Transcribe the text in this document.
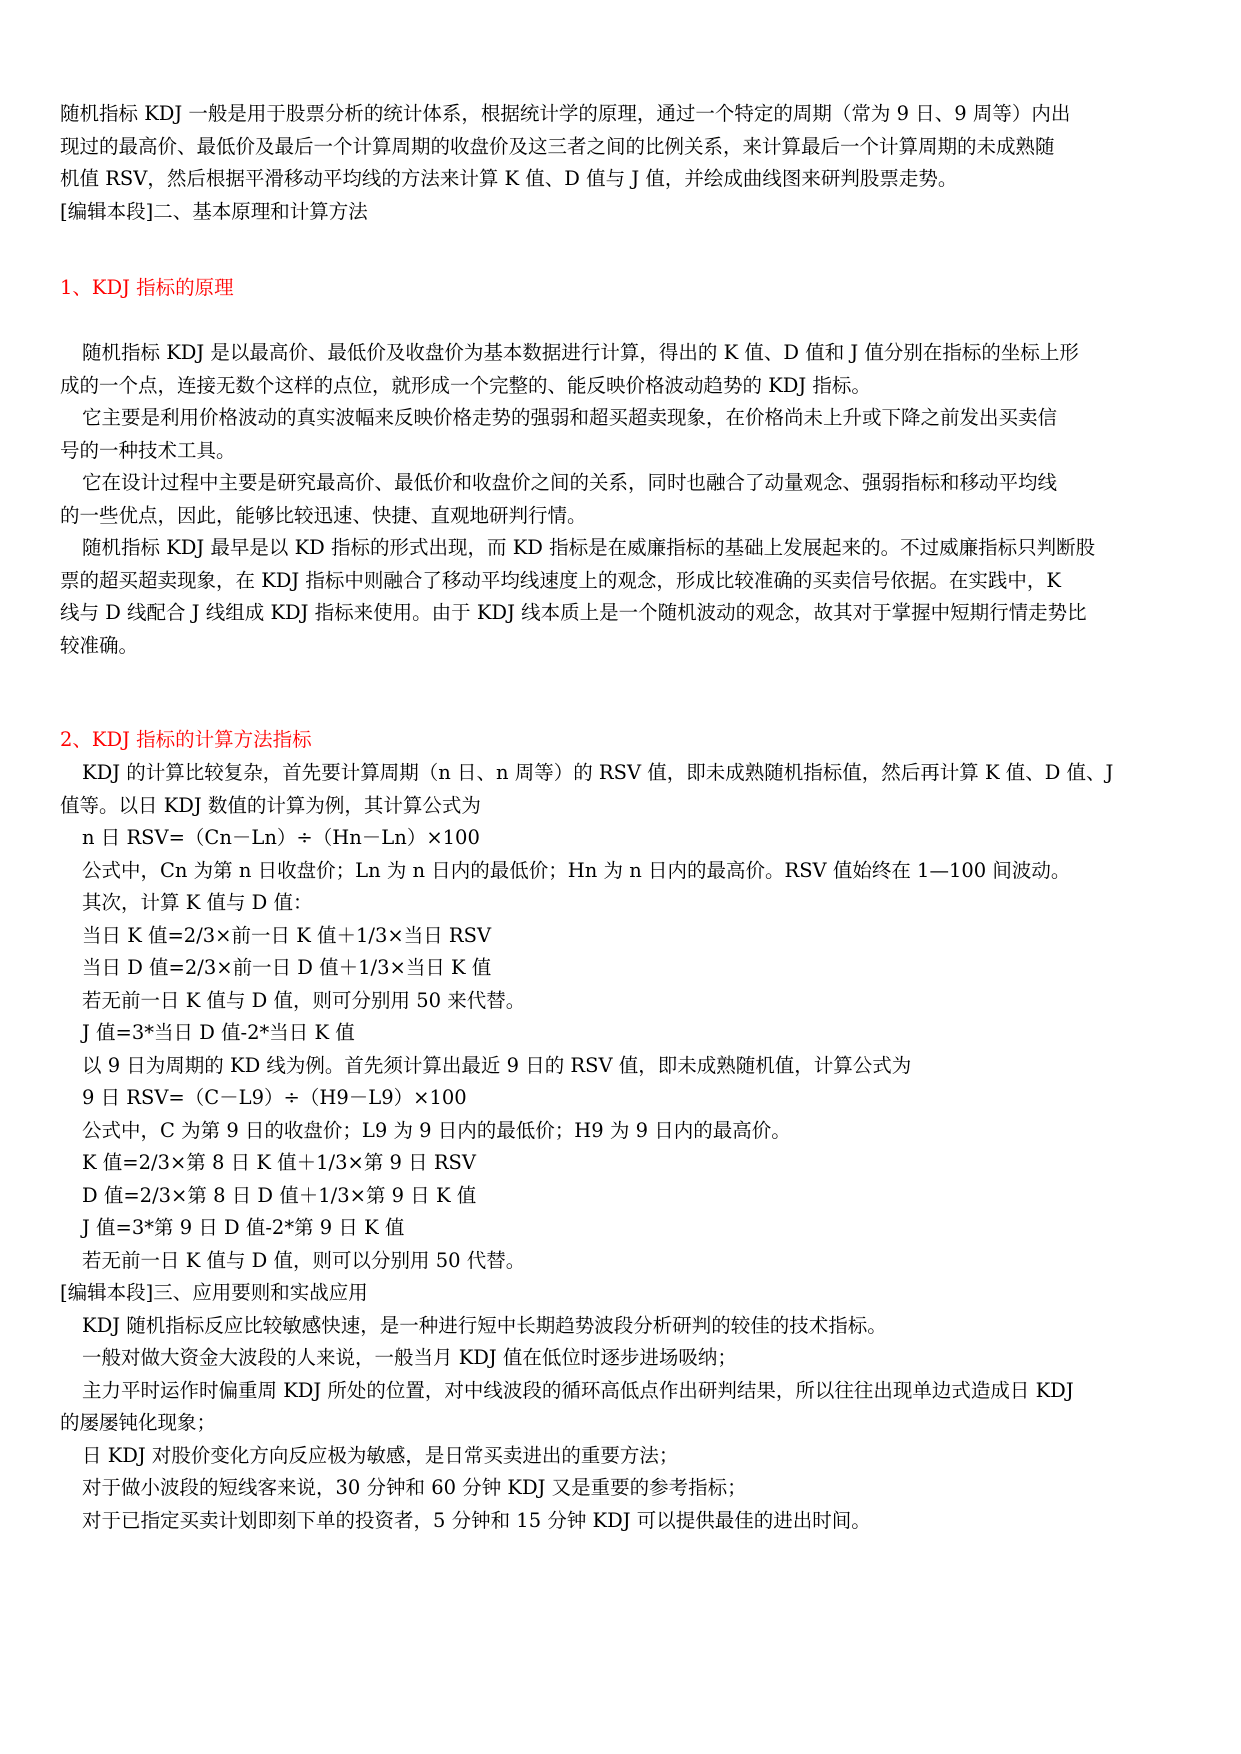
随机指标 KDJ 一般是用于股票分析的统计体系，根据统计学的原理，通过一个特定的周期（常为 9 日、9 周等）内出
现过的最高价、最低价及最后一个计算周期的收盘价及这三者之间的比例关系，来计算最后一个计算周期的未成熟随
机值 RSV，然后根据平滑移动平均线的方法来计算 K 值、D 值与 J 值，并绘成曲线图来研判股票走势。
[编辑本段]二、基本原理和计算方法
1、KDJ 指标的原理
随机指标 KDJ 是以最高价、最低价及收盘价为基本数据进行计算，得出的 K 值、D 值和 J 值分别在指标的坐标上形
成的一个点，连接无数个这样的点位，就形成一个完整的、能反映价格波动趋势的 KDJ 指标。
它主要是利用价格波动的真实波幅来反映价格走势的强弱和超买超卖现象，在价格尚未上升或下降之前发出买卖信
号的一种技术工具。
它在设计过程中主要是研究最高价、最低价和收盘价之间的关系，同时也融合了动量观念、强弱指标和移动平均线
的一些优点，因此，能够比较迅速、快捷、直观地研判行情。
随机指标 KDJ 最早是以 KD 指标的形式出现，而 KD 指标是在威廉指标的基础上发展起来的。不过威廉指标只判断股
票的超买超卖现象，在 KDJ 指标中则融合了移动平均线速度上的观念，形成比较准确的买卖信号依据。在实践中，K
线与 D 线配合 J 线组成 KDJ 指标来使用。由于 KDJ 线本质上是一个随机波动的观念，故其对于掌握中短期行情走势比
较准确。
2、KDJ 指标的计算方法指标
KDJ 的计算比较复杂，首先要计算周期（n 日、n 周等）的 RSV 值，即未成熟随机指标值，然后再计算 K 值、D 值、J
值等。以日 KDJ 数值的计算为例，其计算公式为
n 日 RSV=（Cn－Ln）÷（Hn－Ln）×100
公式中，Cn 为第 n 日收盘价；Ln 为 n 日内的最低价；Hn 为 n 日内的最高价。RSV 值始终在 1—100 间波动。
其次，计算 K 值与 D 值：
当日 K 值=2/3×前一日 K 值＋1/3×当日 RSV
当日 D 值=2/3×前一日 D 值＋1/3×当日 K 值
若无前一日 K 值与 D 值，则可分别用 50 来代替。
J 值=3*当日 D 值-2*当日 K 值
以 9 日为周期的 KD 线为例。首先须计算出最近 9 日的 RSV 值，即未成熟随机值，计算公式为
9 日 RSV=（C－L9）÷（H9－L9）×100
公式中，C 为第 9 日的收盘价；L9 为 9 日内的最低价；H9 为 9 日内的最高价。
K 值=2/3×第 8 日 K 值＋1/3×第 9 日 RSV
D 值=2/3×第 8 日 D 值＋1/3×第 9 日 K 值
J 值=3*第 9 日 D 值-2*第 9 日 K 值
若无前一日 K 值与 D 值，则可以分别用 50 代替。
[编辑本段]三、应用要则和实战应用
KDJ 随机指标反应比较敏感快速，是一种进行短中长期趋势波段分析研判的较佳的技术指标。
一般对做大资金大波段的人来说，一般当月 KDJ 值在低位时逐步进场吸纳；
主力平时运作时偏重周 KDJ 所处的位置，对中线波段的循环高低点作出研判结果，所以往往出现单边式造成日 KDJ
的屡屡钝化现象；
日 KDJ 对股价变化方向反应极为敏感，是日常买卖进出的重要方法；
对于做小波段的短线客来说，30 分钟和 60 分钟 KDJ 又是重要的参考指标；
对于已指定买卖计划即刻下单的投资者，5 分钟和 15 分钟 KDJ 可以提供最佳的进出时间。
